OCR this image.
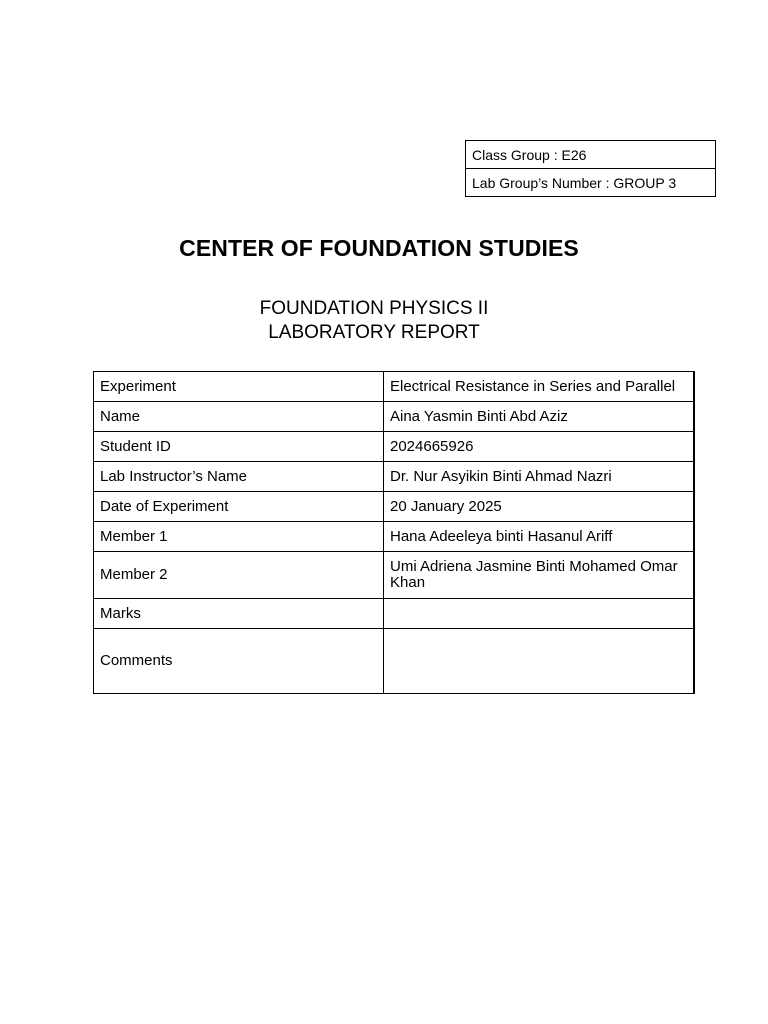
Class Group : E26
Lab Group’s Number : GROUP 3
CENTER OF FOUNDATION STUDIES
FOUNDATION PHYSICS II
LABORATORY REPORT
Experiment	Electrical Resistance in Series and Parallel
Name	Aina Yasmin Binti Abd Aziz
Student ID	2024665926
Lab Instructor’s Name	Dr. Nur Asyikin Binti Ahmad Nazri
Date of Experiment	20 January 2025
Member 1	Hana Adeeleya binti Hasanul Ariff
Member 2	Umi Adriena Jasmine Binti Mohamed Omar Khan
Marks	
Comments	
